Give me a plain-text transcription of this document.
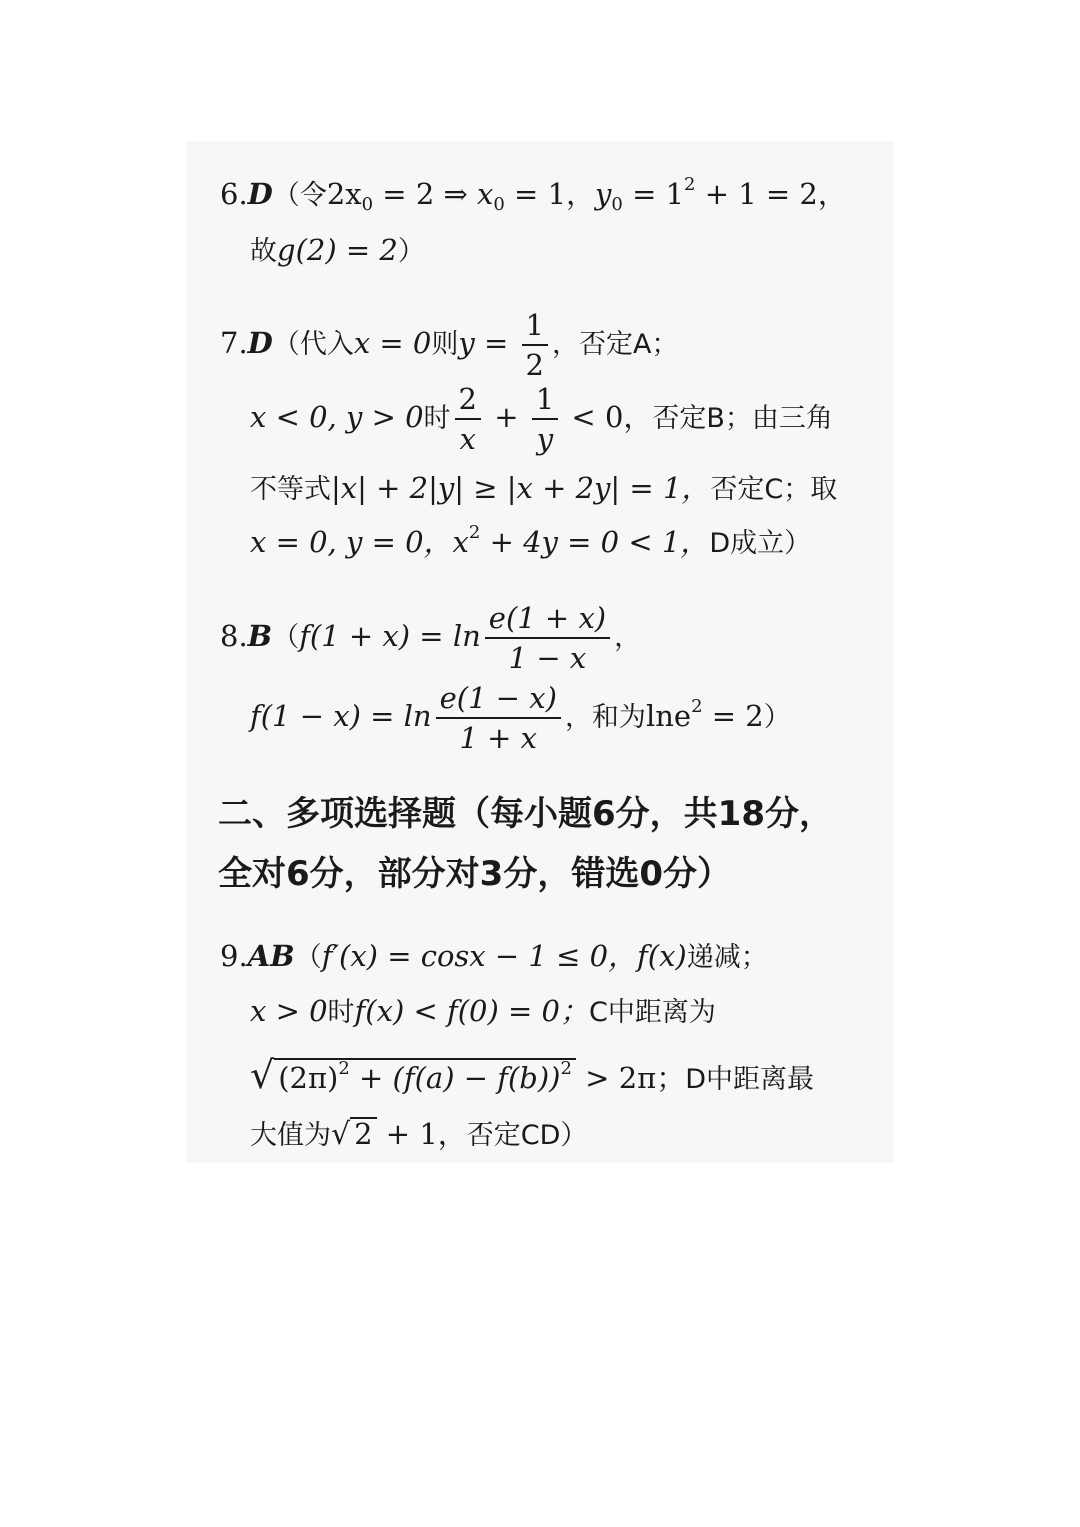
6.D（令$2x_0 = 2$ ⇒ $x_0 = 1$，$y_0 = 1^2 + 1 = 2$，
故g(2) = 2）
7.D（代入x = 0则$y = \frac{1}{2}$ ，否定A；
x < 0, y > 0时 $\frac{2}{x} + \frac{1}{y} < 0$，否定B；由三角
不等式|x| + 2|y| ≥ |x + 2y| = 1，否定C；取
x = 0, y = 0，$x^2 + 4y = 0 < 1$，D成立）
$8.B(f(1 + x) = \ln \frac{e(1 + x)}{1 - x}$ ，
$f(1 - x) = \ln \frac{e(1 - x)}{1 + x}$ ，和为lne$^2$ = 2）
二、多项选择题（每小题6分，共18分，
全对6分，部分对3分，错选0分）
9.AB（f′(x) = cosx − 1 ≤ 0，f(x)递减；
x > 0时f(x) < f(0) = 0；C中距离为
√ $(2\pi)^2 + (f(a) - f(b))^2 > 2\pi$；D中距离最
大值为√ 2 + 1，否定CD）
